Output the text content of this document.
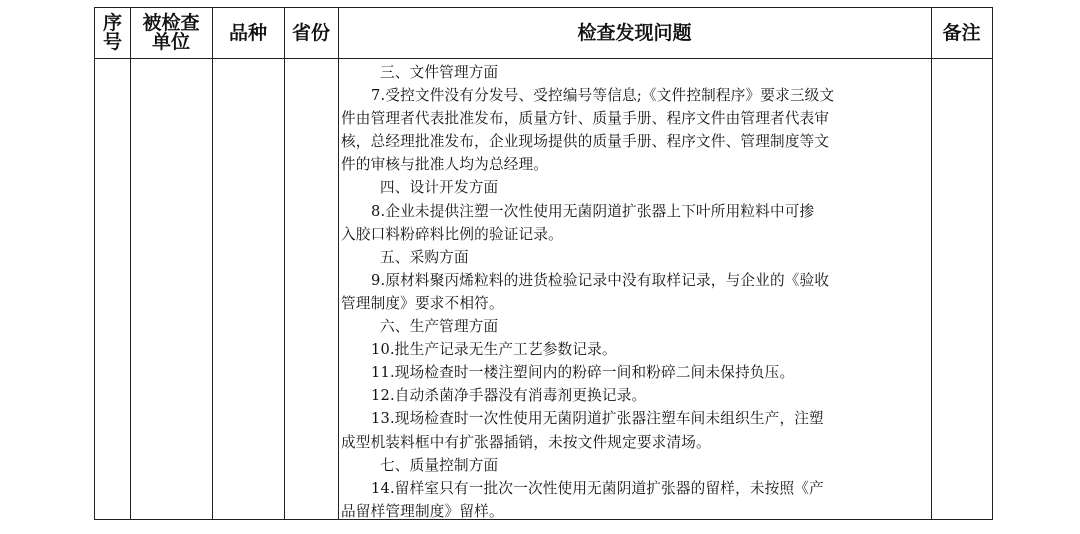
序
号
被检查
单位 品种 省份	检查发现问题	备注

三、文件管理方面

7.受控文件没有分发号、受控编号等信息;《文件控制程序》要求三级文

件由管理者代表批准发布，质量方针、质量手册、程序文件由管理者代表审

核，总经理批准发布，企业现场提供的质量手册、程序文件、管理制度等文

件的审核与批准人均为总经理。

四、设计开发方面

8.企业未提供注塑一次性使用无菌阴道扩张器上下叶所用粒料中可掺

入胶口料粉碎料比例的验证记录。

五、采购方面

9.原材料聚丙烯粒料的进货检验记录中没有取样记录，与企业的《验收

管理制度》要求不相符。

六、生产管理方面

10.批生产记录无生产工艺参数记录。

11.现场检查时一楼注塑间内的粉碎一间和粉碎二间未保持负压。

12.自动杀菌净手器没有消毒剂更换记录。

13.现场检查时一次性使用无菌阴道扩张器注塑车间未组织生产，注塑

成型机装料框中有扩张器插销，未按文件规定要求清场。

七、质量控制方面

14.留样室只有一批次一次性使用无菌阴道扩张器的留样，未按照《产

品留样管理制度》留样。
